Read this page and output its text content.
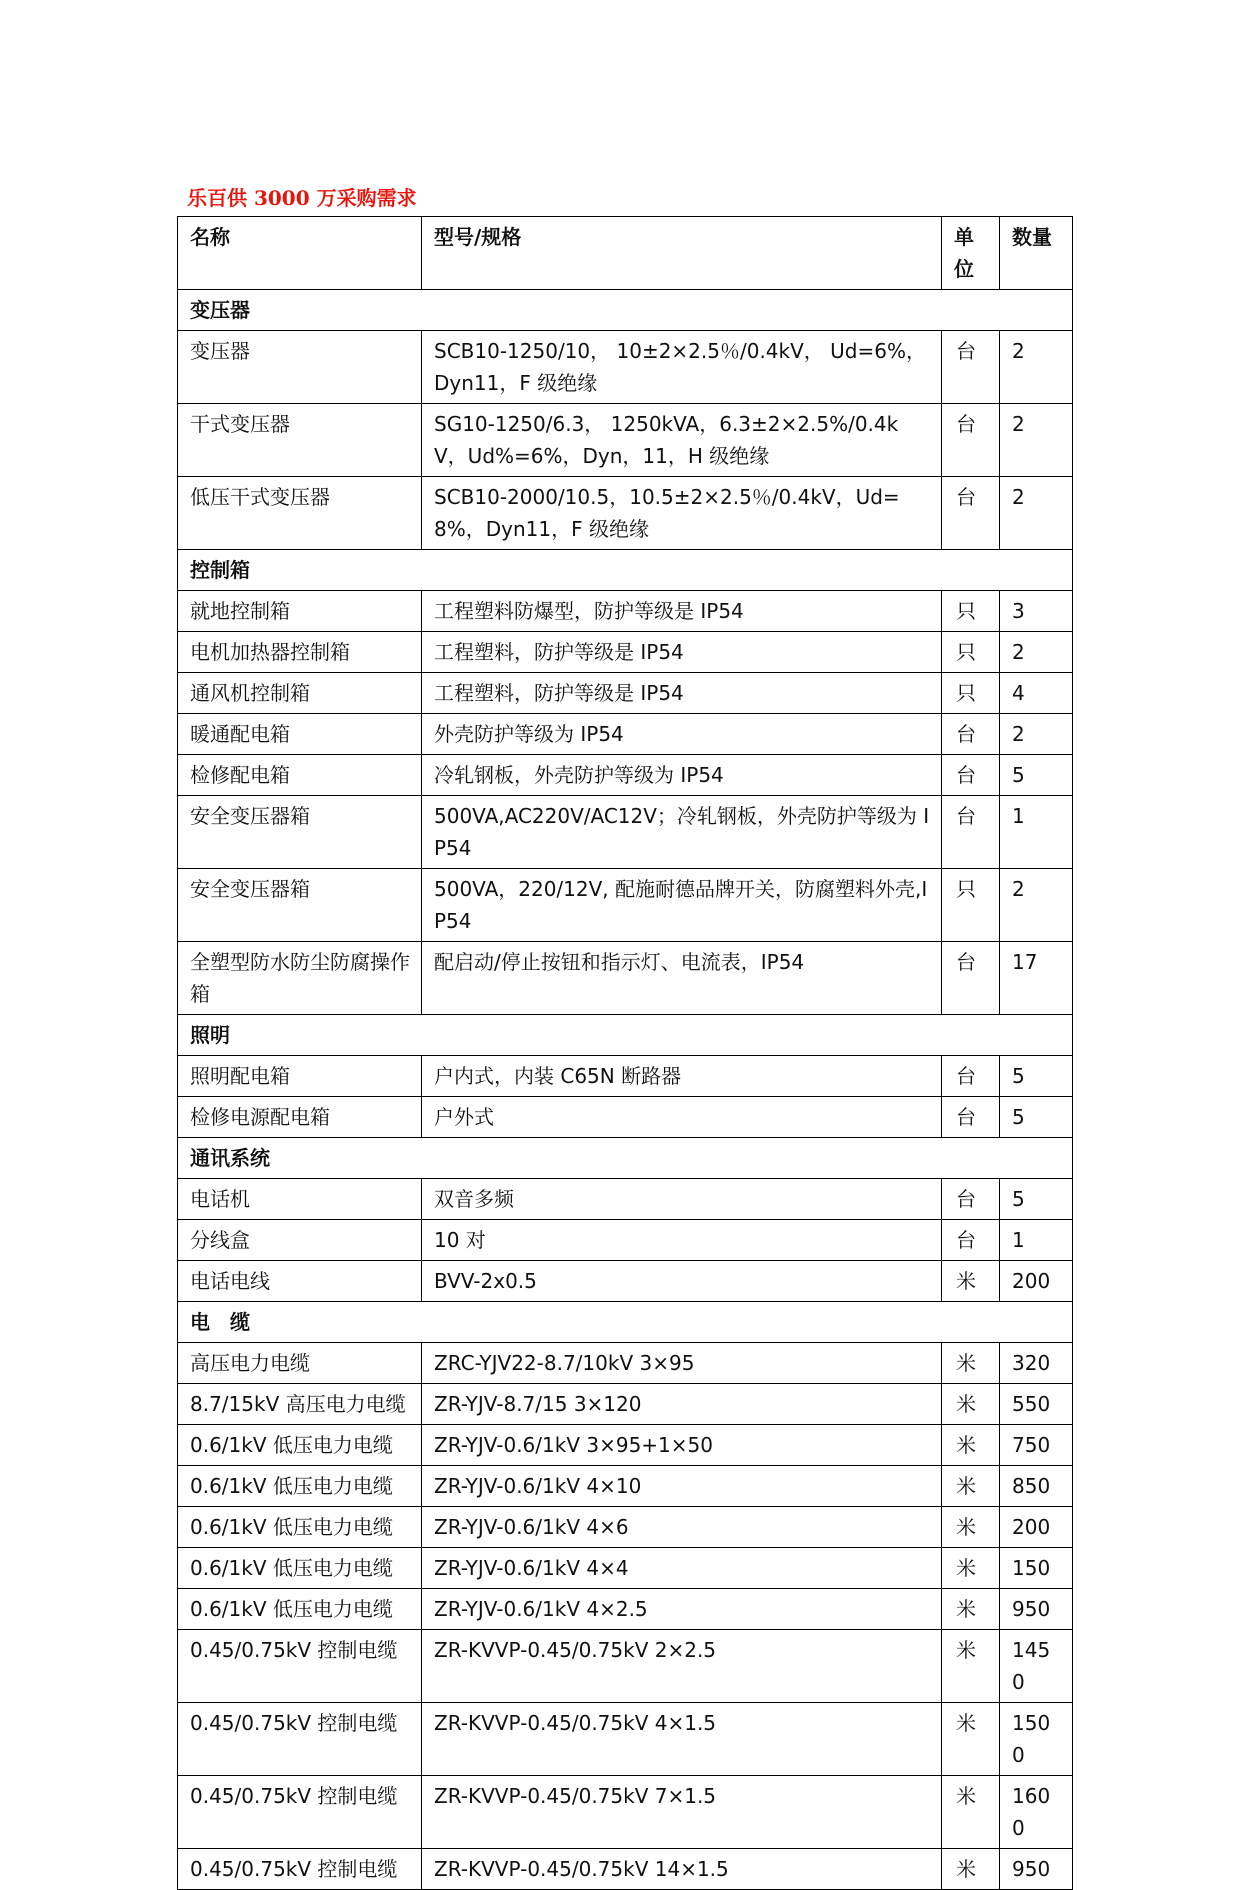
乐百供 3000 万采购需求
名称	型号/规格	单位	数量
变压器			
变压器	SCB10-1250/10， 10±2×2.5％/0.4kV， Ud=6%，Dyn11，F 级绝缘	台	2
干式变压器	SG10-1250/6.3， 1250kVA，6.3±2×2.5%/0.4kV，Ud%=6%，Dyn，11，H 级绝缘	台	2
低压干式变压器	SCB10-2000/10.5，10.5±2×2.5％/0.4kV，Ud=8%，Dyn11，F 级绝缘	台	2
控制箱			
就地控制箱	工程塑料防爆型，防护等级是 IP54	只	3
电机加热器控制箱	工程塑料，防护等级是 IP54	只	2
通风机控制箱	工程塑料，防护等级是 IP54	只	4
暖通配电箱	外壳防护等级为 IP54	台	2
检修配电箱	冷轧钢板，外壳防护等级为 IP54	台	5
安全变压器箱	500VA,AC220V/AC12V；冷轧钢板，外壳防护等级为 IP54	台	1
安全变压器箱	500VA，220/12V, 配施耐德品牌开关，防腐塑料外壳,IP54	只	2
全塑型防水防尘防腐操作箱	配启动/停止按钮和指示灯、电流表，IP54	台	17
照明			
照明配电箱	户内式，内装 C65N 断路器	台	5
检修电源配电箱	户外式	台	5
通讯系统			
电话机	双音多频	台	5
分线盒	10 对	台	1
电话电线	BVV-2x0.5	米	200
电　缆			
高压电力电缆	ZRC-YJV22-8.7/10kV 3×95	米	320
8.7/15kV 高压电力电缆	ZR-YJV-8.7/15 3×120	米	550
0.6/1kV 低压电力电缆	ZR-YJV-0.6/1kV 3×95+1×50	米	750
0.6/1kV 低压电力电缆	ZR-YJV-0.6/1kV 4×10	米	850
0.6/1kV 低压电力电缆	ZR-YJV-0.6/1kV 4×6	米	200
0.6/1kV 低压电力电缆	ZR-YJV-0.6/1kV 4×4	米	150
0.6/1kV 低压电力电缆	ZR-YJV-0.6/1kV 4×2.5	米	950
0.45/0.75kV 控制电缆	ZR-KVVP-0.45/0.75kV 2×2.5	米	1450
0.45/0.75kV 控制电缆	ZR-KVVP-0.45/0.75kV 4×1.5	米	1500
0.45/0.75kV 控制电缆	ZR-KVVP-0.45/0.75kV 7×1.5	米	1600
0.45/0.75kV 控制电缆	ZR-KVVP-0.45/0.75kV 14×1.5	米	950
